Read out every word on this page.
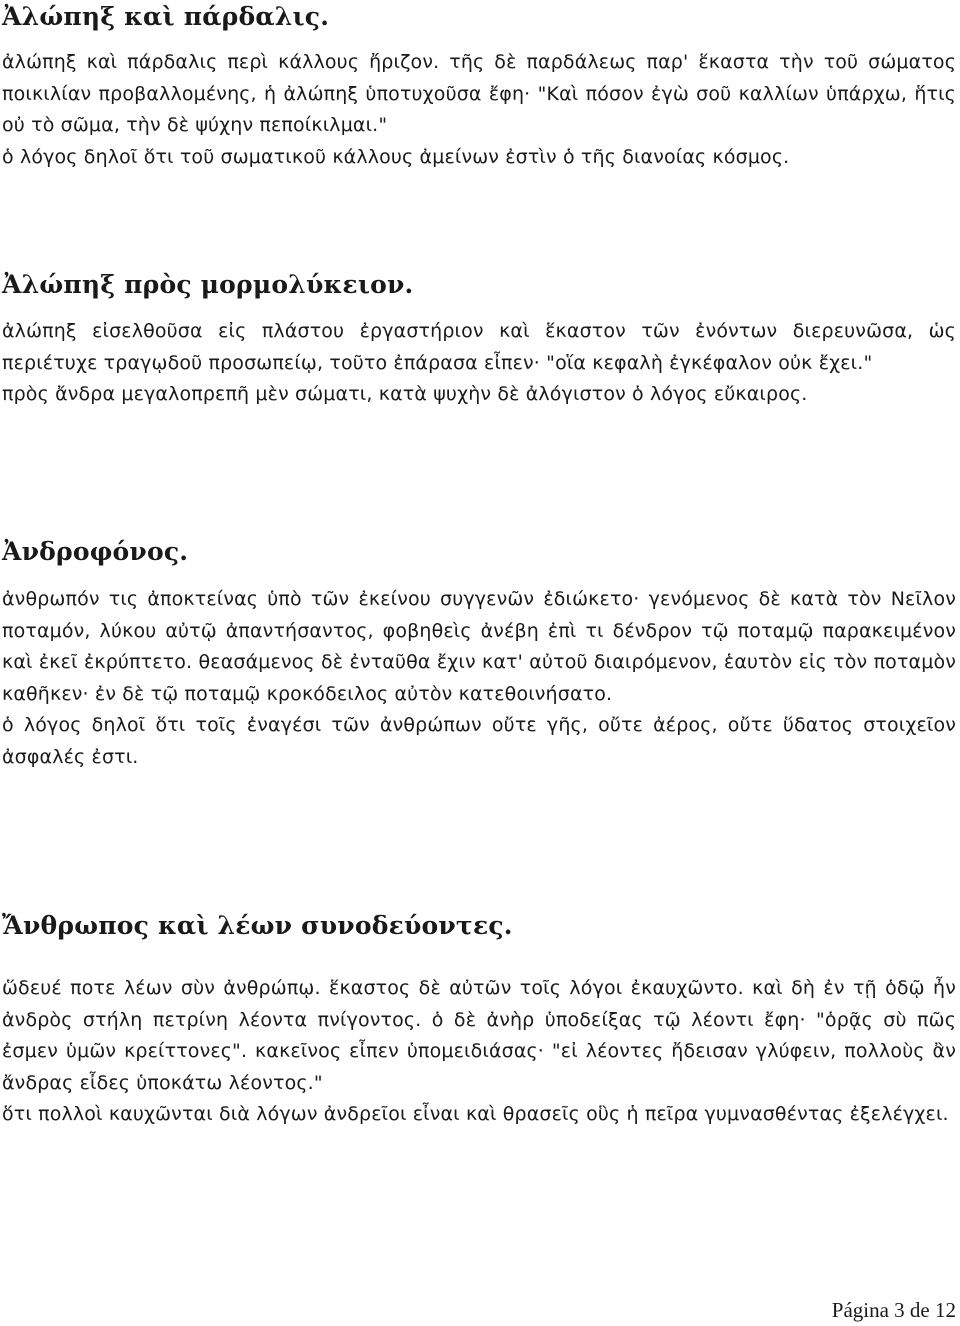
Ἀλώπηξ καὶ πάρδαλις.

ἀλώπηξ καὶ πάρδαλις περὶ κάλλους ἤριζον. τῆς δὲ παρδάλεως παρ' ἕκαστα τὴν τοῦ σώματος ποικιλίαν προβαλλομένης, ἡ ἀλώπηξ ὑποτυχοῦσα ἔφη· "Καὶ πόσον ἐγὼ σοῦ καλλίων ὑπάρχω, ἥτις οὐ τὸ σῶμα, τὴν δὲ ψύχην πεποίκιλμαι."
ὁ λόγος δηλοῖ ὅτι τοῦ σωματικοῦ κάλλους ἀμείνων ἐστὶν ὁ τῆς διανοίας κόσμος.

Ἀλώπηξ πρὸς μορμολύκειον.

ἀλώπηξ εἰσελθοῦσα εἰς πλάστου ἐργαστήριον καὶ ἕκαστον τῶν ἐνόντων διερευνῶσα, ὡς περιέτυχε τραγῳδοῦ προσωπείῳ, τοῦτο ἐπάρασα εἶπεν· "οἵα κεφαλὴ ἐγκέφαλον οὐκ ἔχει."
πρὸς ἄνδρα μεγαλοπρεπῆ μὲν σώματι, κατὰ ψυχὴν δὲ ἀλόγιστον ὁ λόγος εὔκαιρος.

Ἀνδροφόνος.

ἀνθρωπόν τις ἀποκτείνας ὑπὸ τῶν ἐκείνου συγγενῶν ἐδιώκετο· γενόμενος δὲ κατὰ τὸν Νεῖλον ποταμόν, λύκου αὐτῷ ἀπαντήσαντος, φοβηθεὶς ἀνέβη ἐπὶ τι δένδρον τῷ ποταμῷ παρακειμένον καὶ ἐκεῖ ἐκρύπτετο. θεασάμενος δὲ ἐνταῦθα ἔχιν κατ' αὐτοῦ διαιρόμενον, ἑαυτὸν εἰς τὸν ποταμὸν καθῆκεν· ἐν δὲ τῷ ποταμῷ κροκόδειλος αὐτὸν κατεθοινήσατο.
ὁ λόγος δηλοῖ ὅτι τοῖς ἐναγέσι τῶν ἀνθρώπων οὔτε γῆς, οὔτε ἀέρος, οὔτε ὕδατος στοιχεῖον ἀσφαλές ἐστι.

Ἄνθρωπος καὶ λέων συνοδεύοντες.

ὥδευέ ποτε λέων σὺν ἀνθρώπῳ. ἕκαστος δὲ αὐτῶν τοῖς λόγοι ἐκαυχῶντο. καὶ δὴ ἐν τῇ ὁδῷ ἦν ἀνδρὸς στήλη πετρίνη λέοντα πνίγοντος. ὁ δὲ ἀνὴρ ὑποδείξας τῷ λέοντι ἔφη· "ὁρᾷς σὺ πῶς ἐσμεν ὑμῶν κρείττονες". κακεῖνος εἶπεν ὑπομειδιάσας· "εἰ λέοντες ἤδεισαν γλύφειν, πολλοὺς ἂν ἄνδρας εἶδες ὑποκάτω λέοντος."
ὅτι πολλοὶ καυχῶνται διὰ λόγων ἀνδρεῖοι εἶναι καὶ θρασεῖς οὓς ἡ πεῖρα γυμνασθέντας ἐξελέγχει.

Página 3 de 12
